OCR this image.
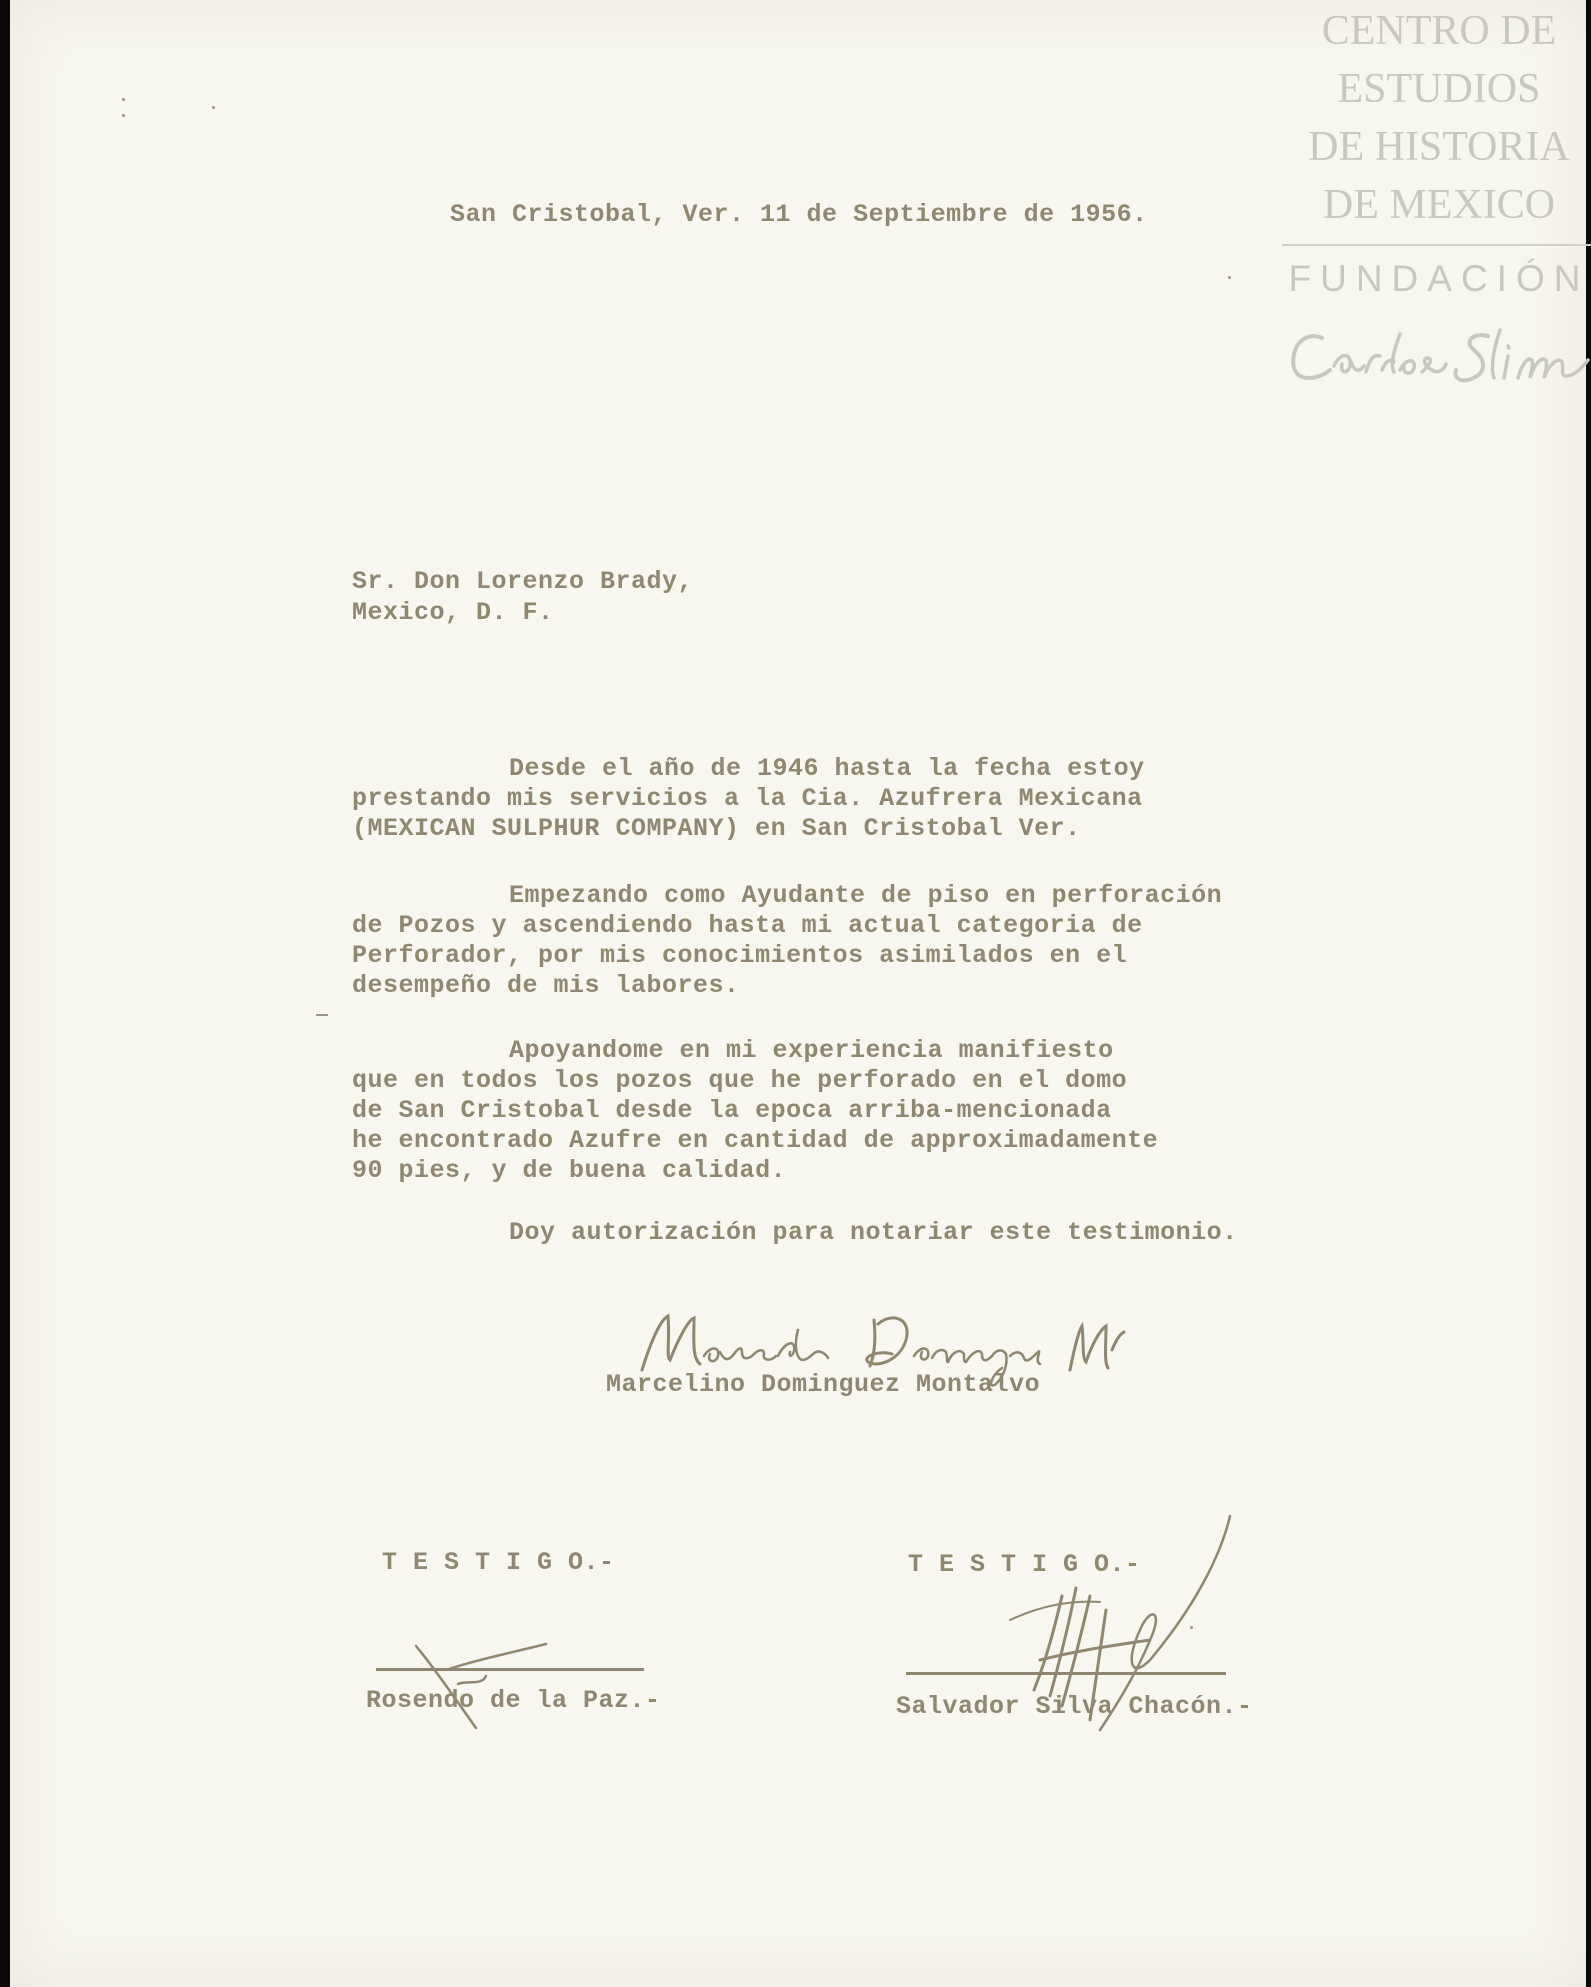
CENTRO DE
ESTUDIOS
DE HISTORIA
DE MEXICO
FUNDACIÓN
San Cristobal, Ver. 11 de Septiembre de 1956.
Sr. Don Lorenzo Brady,
Mexico, D. F.
Desde el año de 1946 hasta la fecha estoy
prestando mis servicios a la Cia. Azufrera Mexicana
(MEXICAN SULPHUR COMPANY) en San Cristobal Ver.
Empezando como Ayudante de piso en perforación
de Pozos y ascendiendo hasta mi actual categoria de
Perforador, por mis conocimientos asimilados en el
desempeño de mis labores.
Apoyandome en mi experiencia manifiesto
que en todos los pozos que he perforado en el domo
de San Cristobal desde la epoca arriba-mencionada
he encontrado Azufre en cantidad de approximadamente
90 pies, y de buena calidad.
Doy autorización para notariar este testimonio.
Marcelino Dominguez Montalvo
T E S T I G O.-
Rosendo de la Paz.-
T E S T I G O.-
Salvador Silva Chacón.-
